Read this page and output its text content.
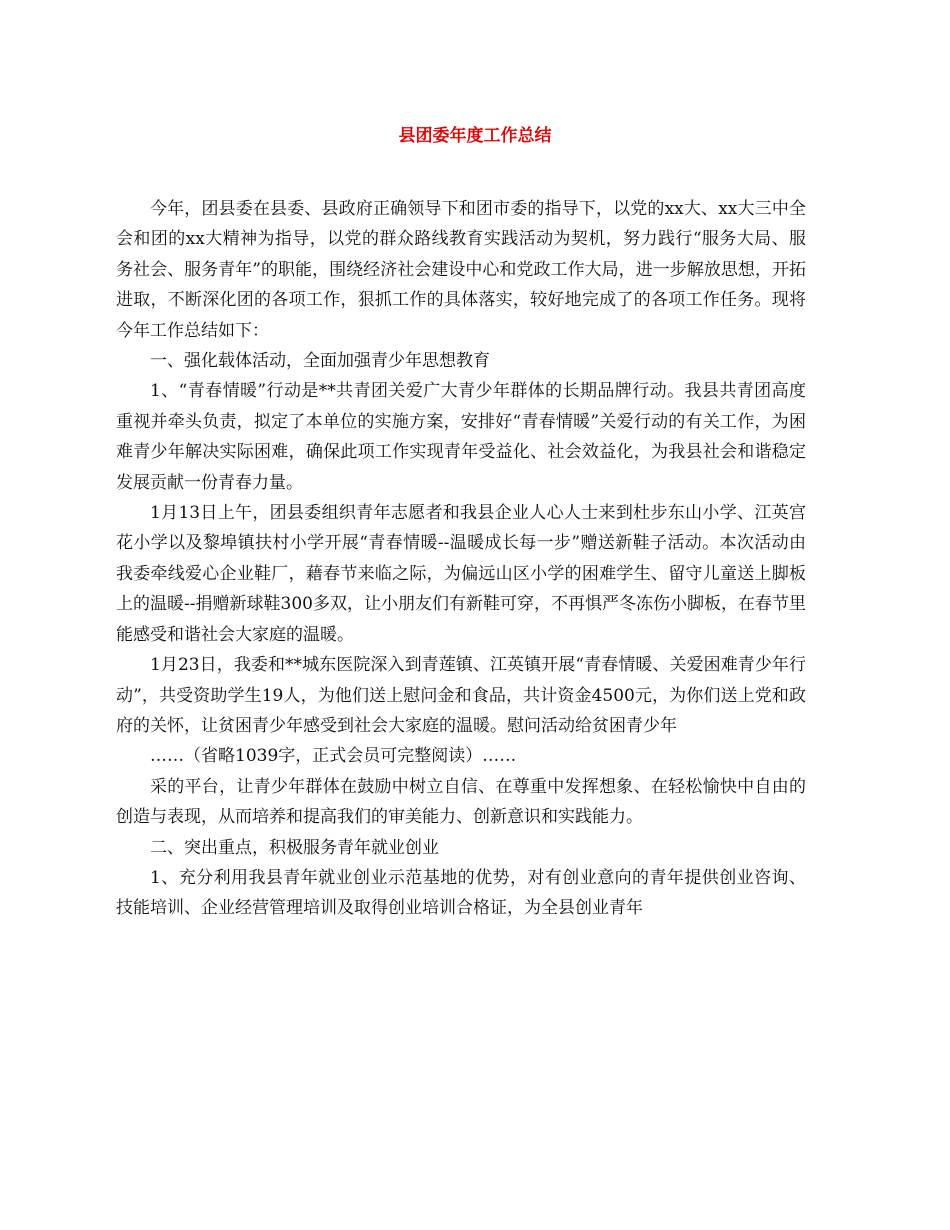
县团委年度工作总结

今年，团县委在县委、县政府正确领导下和团市委的指导下，以党的xx大、xx大三中全会和团的xx大精神为指导，以党的群众路线教育实践活动为契机，努力践行“服务大局、服务社会、服务青年”的职能，围绕经济社会建设中心和党政工作大局，进一步解放思想，开拓进取，不断深化团的各项工作，狠抓工作的具体落实，较好地完成了的各项工作任务。现将今年工作总结如下：

一、强化载体活动，全面加强青少年思想教育

1、“青春情暖”行动是**共青团关爱广大青少年群体的长期品牌行动。我县共青团高度重视并牵头负责，拟定了本单位的实施方案，安排好“青春情暖”关爱行动的有关工作，为困难青少年解决实际困难，确保此项工作实现青年受益化、社会效益化，为我县社会和谐稳定发展贡献一份青春力量。

1月13日上午，团县委组织青年志愿者和我县企业人心人士来到杜步东山小学、江英宫花小学以及黎埠镇扶村小学开展“青春情暖--温暖成长每一步”赠送新鞋子活动。本次活动由我委牵线爱心企业鞋厂，藉春节来临之际，为偏远山区小学的困难学生、留守儿童送上脚板上的温暖--捐赠新球鞋300多双，让小朋友们有新鞋可穿，不再惧严冬冻伤小脚板，在春节里能感受和谐社会大家庭的温暖。

1月23日，我委和**城东医院深入到青莲镇、江英镇开展“青春情暖、关爱困难青少年行动”，共受资助学生19人，为他们送上慰问金和食品，共计资金4500元，为你们送上党和政府的关怀，让贫困青少年感受到社会大家庭的温暖。慰问活动给贫困青少年

……（省略1039字，正式会员可完整阅读）……

采的平台，让青少年群体在鼓励中树立自信、在尊重中发挥想象、在轻松愉快中自由的创造与表现，从而培养和提高我们的审美能力、创新意识和实践能力。

二、突出重点，积极服务青年就业创业

1、充分利用我县青年就业创业示范基地的优势，对有创业意向的青年提供创业咨询、技能培训、企业经营管理培训及取得创业培训合格证，为全县创业青年
